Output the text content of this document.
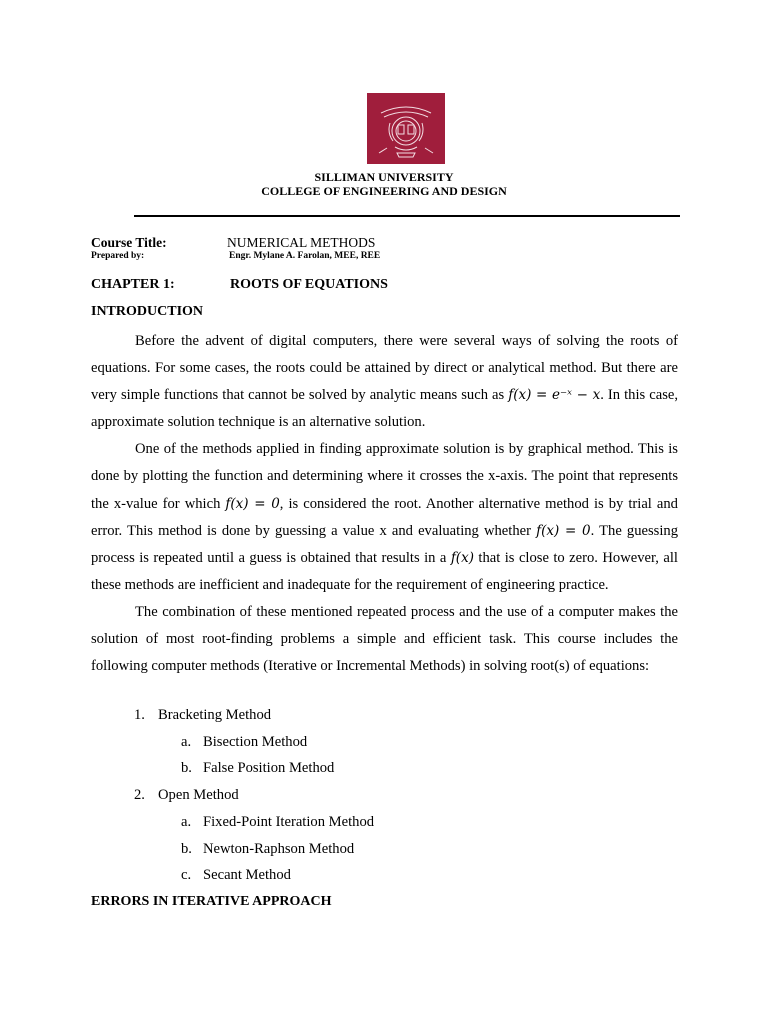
SILLIMAN UNIVERSITY
COLLEGE OF ENGINEERING AND DESIGN
Course Title:	NUMERICAL METHODS
Prepared by:	Engr. Mylane A. Farolan, MEE, REE
CHAPTER 1:	ROOTS OF EQUATIONS
INTRODUCTION

Before the advent of digital computers, there were several ways of solving the roots of equations. For some cases, the roots could be attained by direct or analytical method. But there are very simple functions that cannot be solved by analytic means such as f(x) = e⁻ˣ − x. In this case, approximate solution technique is an alternative solution.

One of the methods applied in finding approximate solution is by graphical method. This is done by plotting the function and determining where it crosses the x-axis. The point that represents the x-value for which f(x) = 0, is considered the root. Another alternative method is by trial and error. This method is done by guessing a value x and evaluating whether f(x) = 0. The guessing process is repeated until a guess is obtained that results in a f(x) that is close to zero. However, all these methods are inefficient and inadequate for the requirement of engineering practice.

The combination of these mentioned repeated process and the use of a computer makes the solution of most root-finding problems a simple and efficient task. This course includes the following computer methods (Iterative or Incremental Methods) in solving root(s) of equations:

1. Bracketing Method
a. Bisection Method
b. False Position Method
2. Open Method
a. Fixed-Point Iteration Method
b. Newton-Raphson Method
c. Secant Method
ERRORS IN ITERATIVE APPROACH
